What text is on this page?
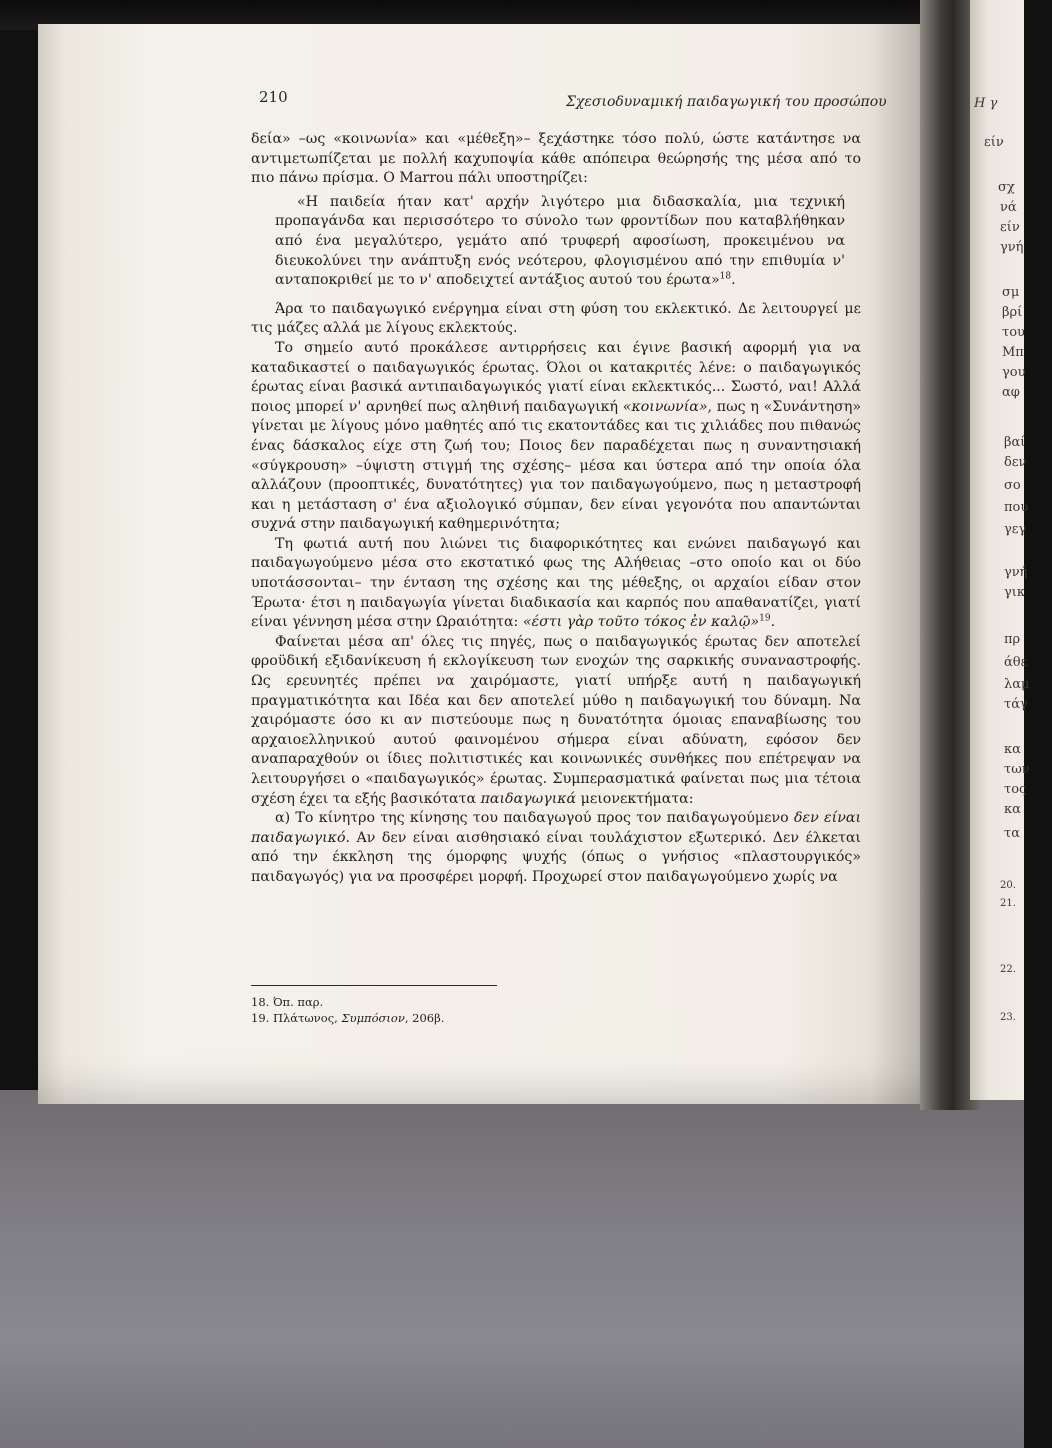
Η γ
είν
σχ
νά
είν
γνή
σμ
βρί
του
Μπ
γου
αφ
βαί
δεν
σο
που
γεγ
γνή
γικ
πρ
άθε
λαμ
τάγ
κα
των
τος
κα
τα
20.
21.
22.
23.
210	Σχεσιοδυναμική παιδαγωγική του προσώπου

δεία» –ως «κοινωνία» και «μέθεξη»– ξεχάστηκε τόσο πολύ, ώστε κατάντησε να αντιμετωπίζεται με πολλή καχυποψία κάθε απόπειρα θεώρησής της μέσα από το πιο πάνω πρίσμα. Ο Marrou πάλι υποστηρίζει:

«Η παιδεία ήταν κατ' αρχήν λιγότερο μια διδασκαλία, μια τεχνική προπαγάνδα και περισσότερο το σύνολο των φροντίδων που καταβλήθηκαν από ένα μεγαλύτερο, γεμάτο από τρυφερή αφοσίωση, προκειμένου να διευκολύνει την ανάπτυξη ενός νεότερου, φλογισμένου από την επιθυμία ν' ανταποκριθεί με το ν' αποδειχτεί αντάξιος αυτού του έρωτα»$^{18}$.

Άρα το παιδαγωγικό ενέργημα είναι στη φύση του εκλεκτικό. Δε λειτουργεί με τις μάζες αλλά με λίγους εκλεκτούς.

Το σημείο αυτό προκάλεσε αντιρρήσεις και έγινε βασική αφορμή για να καταδικαστεί ο παιδαγωγικός έρωτας. Όλοι οι κατακριτές λένε: ο παιδαγωγικός έρωτας είναι βασικά αντιπαιδαγωγικός γιατί είναι εκλεκτικός... Σωστό, ναι! Αλλά ποιος μπορεί ν' αρνηθεί πως αληθινή παιδαγωγική «κοινωνία», πως η «Συνάντηση» γίνεται με λίγους μόνο μαθητές από τις εκατοντάδες και τις χιλιάδες που πιθανώς ένας δάσκαλος είχε στη ζωή του; Ποιος δεν παραδέχεται πως η συναντησιακή «σύγκρουση» –ύψιστη στιγμή της σχέσης– μέσα και ύστερα από την οποία όλα αλλάζουν (προοπτικές, δυνατότητες) για τον παιδαγωγούμενο, πως η μεταστροφή και η μετάσταση σ' ένα αξιολογικό σύμπαν, δεν είναι γεγονότα που απαντώνται συχνά στην παιδαγωγική καθημερινότητα;

Τη φωτιά αυτή που λιώνει τις διαφορικότητες και ενώνει παιδαγωγό και παιδαγωγούμενο μέσα στο εκστατικό φως της Αλήθειας –στο οποίο και οι δύο υποτάσσονται– την ένταση της σχέσης και της μέθεξης, οι αρχαίοι είδαν στον Έρωτα· έτσι η παιδαγωγία γίνεται διαδικασία και καρπός που απαθανατίζει, γιατί είναι γέννηση μέσα στην Ωραιότητα: «έστι γὰρ τοῦτο τόκος ἐν καλῷ»$^{19}$.

Φαίνεται μέσα απ' όλες τις πηγές, πως ο παιδαγωγικός έρωτας δεν αποτελεί φροϋδική εξιδανίκευση ή εκλογίκευση των ενοχών της σαρκικής συναναστροφής. Ως ερευνητές πρέπει να χαιρόμαστε, γιατί υπήρξε αυτή η παιδαγωγική πραγματικότητα και Ιδέα και δεν αποτελεί μύθο η παιδαγωγική του δύναμη. Να χαιρόμαστε όσο κι αν πιστεύουμε πως η δυνατότητα όμοιας επαναβίωσης του αρχαιοελληνικού αυτού φαινομένου σήμερα είναι αδύνατη, εφόσον δεν αναπαραχθούν οι ίδιες πολιτιστικές και κοινωνικές συνθήκες που επέτρεψαν να λειτουργήσει ο «παιδαγωγικός» έρωτας. Συμπερασματικά φαίνεται πως μια τέτοια σχέση έχει τα εξής βασικότατα παιδαγωγικά μειονεκτήματα:

α) Το κίνητρο της κίνησης του παιδαγωγού προς τον παιδαγωγούμενο δεν είναι παιδαγωγικό. Αν δεν είναι αισθησιακό είναι τουλάχιστον εξωτερικό. Δεν έλκεται από την έκκληση της όμορφης ψυχής (όπως ο γνήσιος «πλαστουργικός» παιδαγωγός) για να προσφέρει μορφή. Προχωρεί στον παιδαγωγούμενο χωρίς να

18. Όπ. παρ.
19. Πλάτωνος, Συμπόσιον, 206β.
